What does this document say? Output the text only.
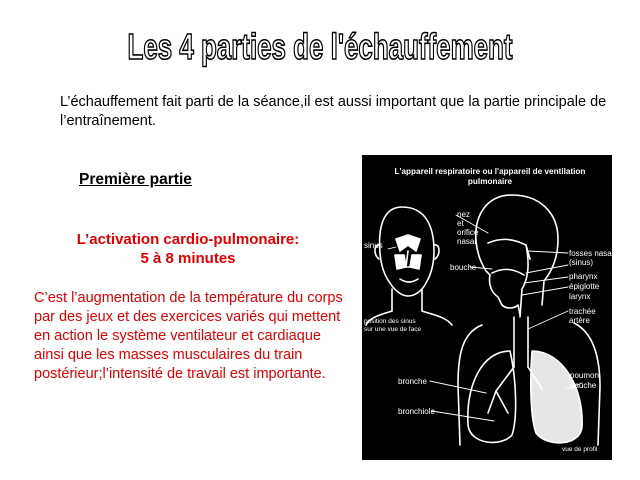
Les 4 parties de l'échauffement
L’échauffement fait parti de la séance,il est aussi important que la partie principale de l’entraînement.
Première partie
L’activation cardio-pulmonaire:
5 à 8 minutes
C’est l’augmentation de la température du corps par des jeux et des exercices variés qui mettent en action le système ventilateur et cardiaque ainsi que les masses musculaires du train postérieur;l’intensité de travail est importante.
L'appareil respiratoire ou l'appareil de ventilation pulmonaire
nez
et
orifice
nasal
sinus
bouche
fosses nasales
(sinus)
pharynx
épiglotte
larynx
trachée
artère
position des sinus
sur une vue de face
bronche
poumon
gauche
bronchiole
vue de profil
